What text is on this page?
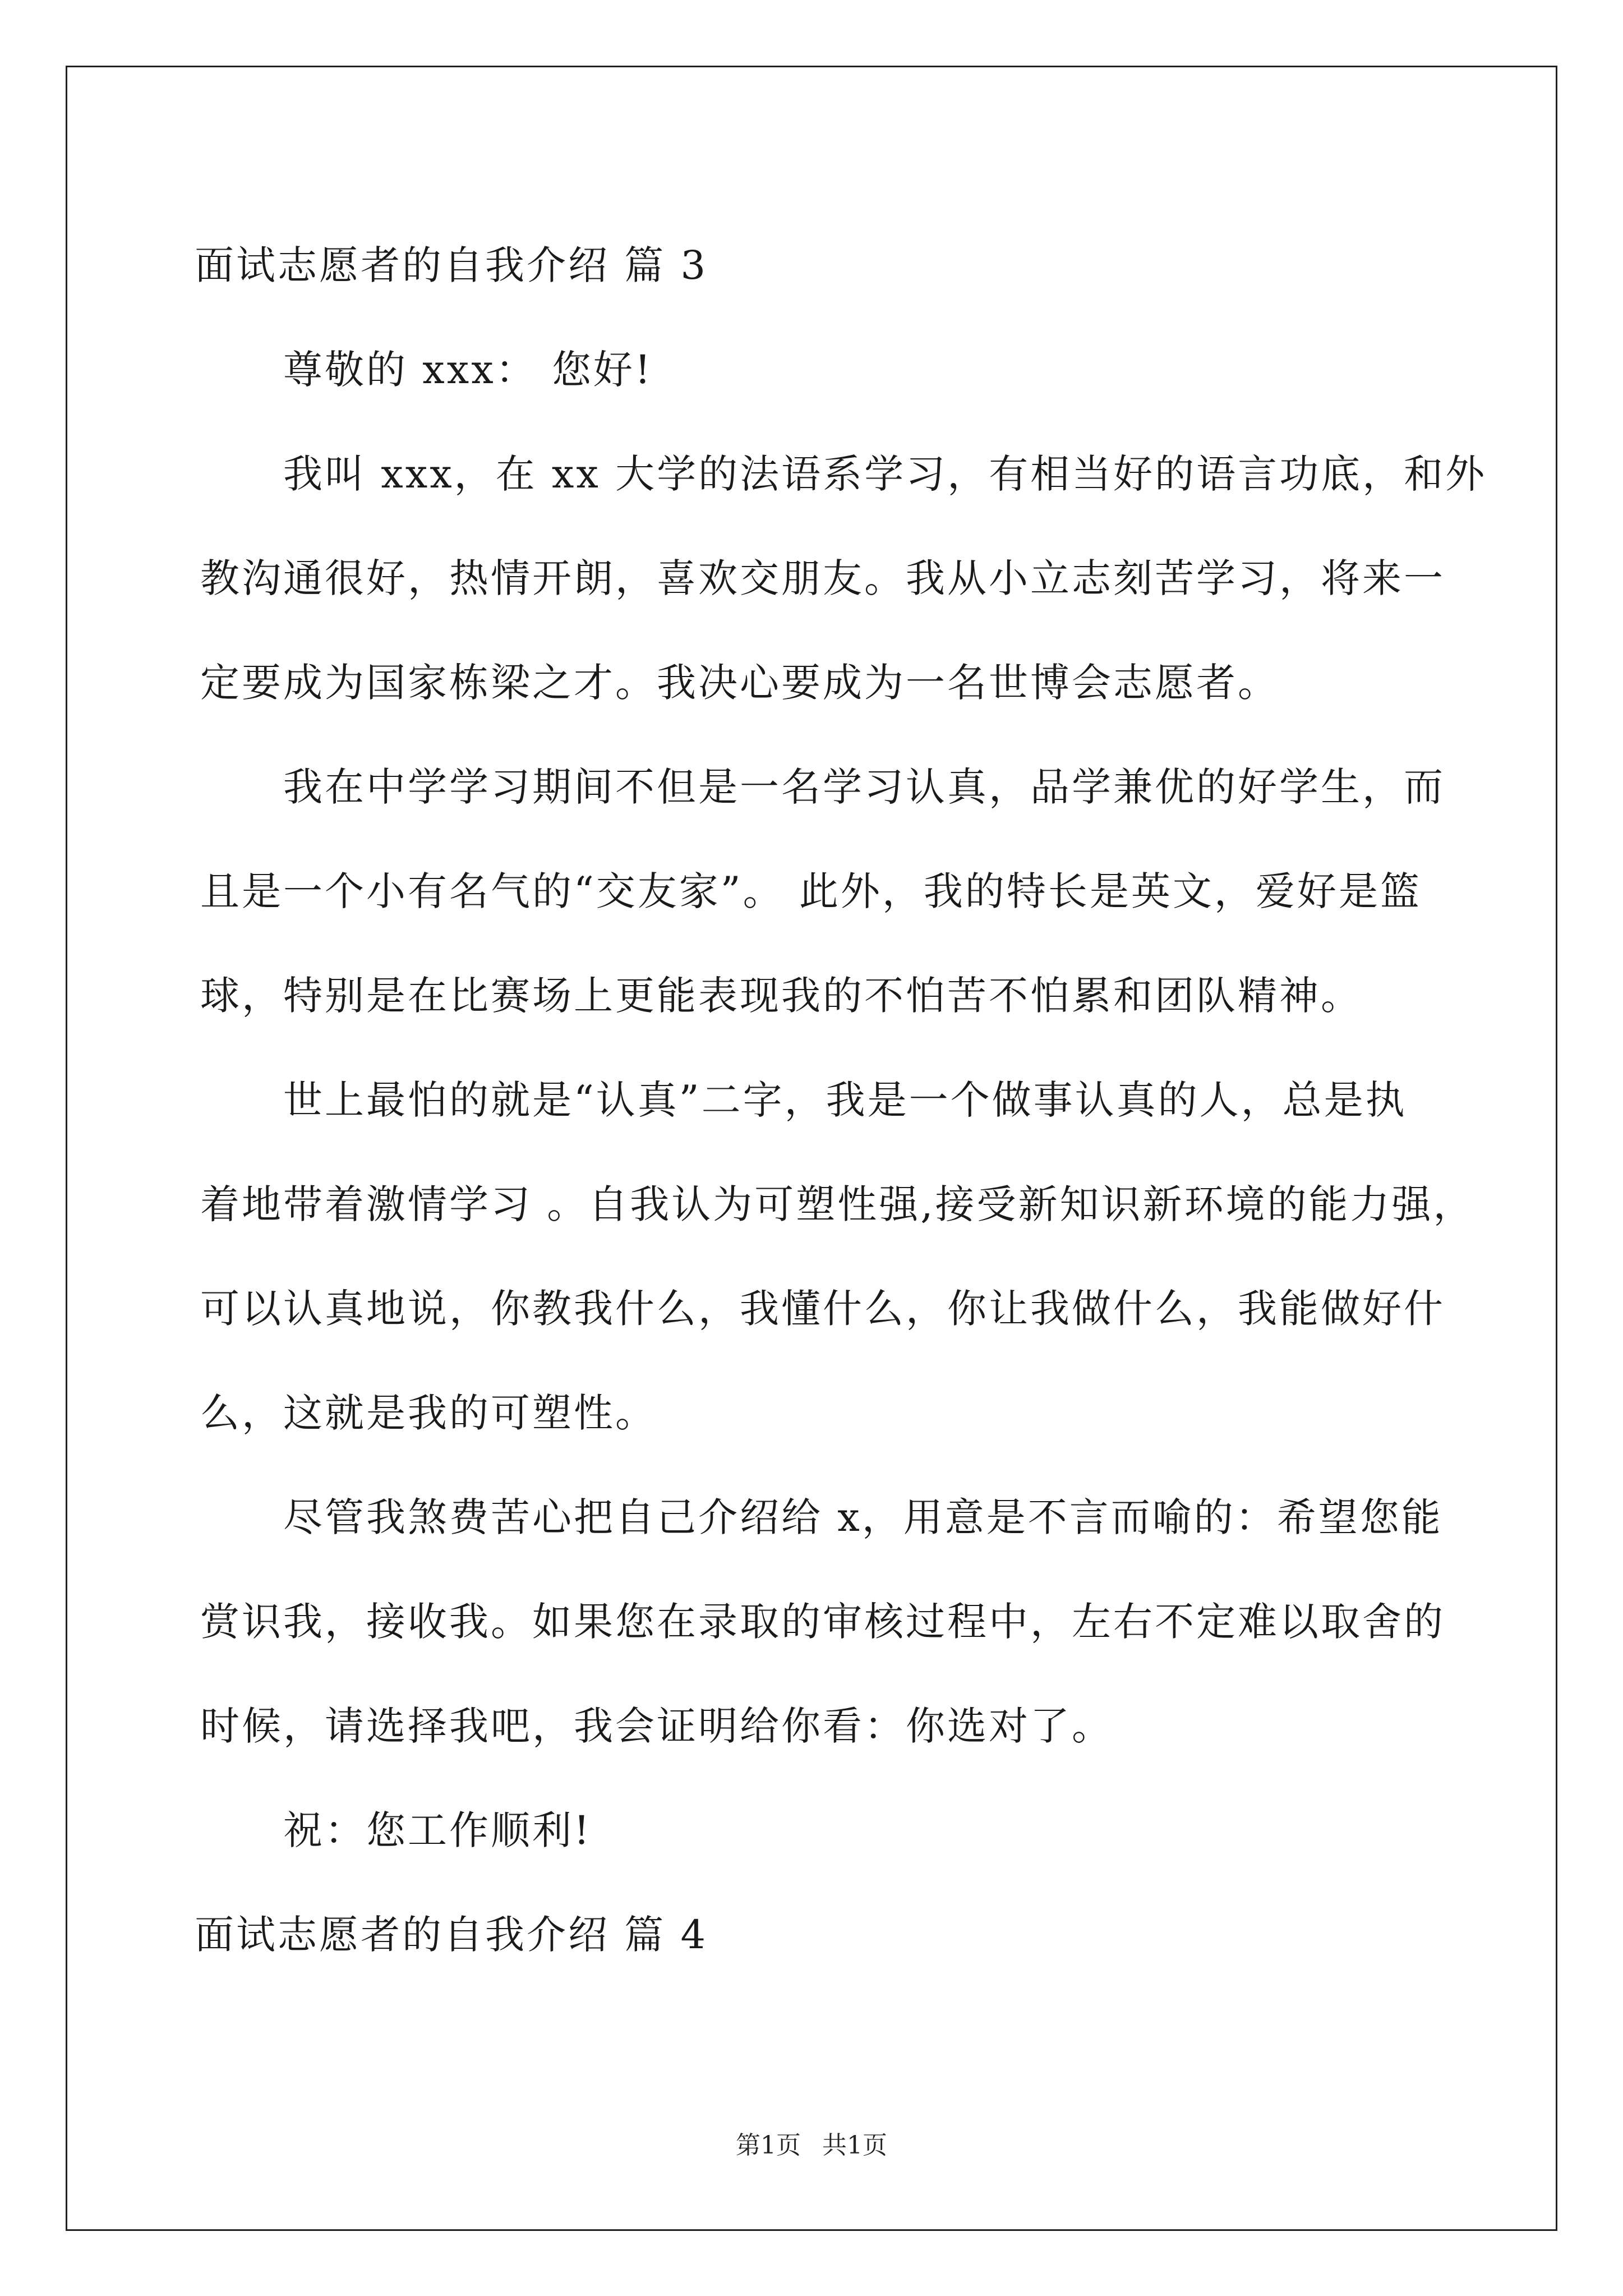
面试志愿者的自我介绍 篇 3
尊敬的 xxx： 您好!
我叫 xxx，在 xx 大学的法语系学习，有相当好的语言功底，和外
教沟通很好，热情开朗，喜欢交朋友。我从小立志刻苦学习，将来一
定要成为国家栋梁之才。我决心要成为一名世博会志愿者。
我在中学学习期间不但是一名学习认真，品学兼优的好学生，而
且是一个小有名气的“交友家”。 此外，我的特长是英文，爱好是篮
球，特别是在比赛场上更能表现我的不怕苦不怕累和团队精神。
世上最怕的就是“认真”二字，我是一个做事认真的人，总是执
着地带着激情学习 。自我认为可塑性强,接受新知识新环境的能力强，
可以认真地说，你教我什么，我懂什么，你让我做什么，我能做好什
么，这就是我的可塑性。
尽管我煞费苦心把自己介绍给 x，用意是不言而喻的：希望您能
赏识我，接收我。如果您在录取的审核过程中，左右不定难以取舍的
时候，请选择我吧，我会证明给你看：你选对了。
祝：您工作顺利!
面试志愿者的自我介绍 篇 4
第1页 共1页
